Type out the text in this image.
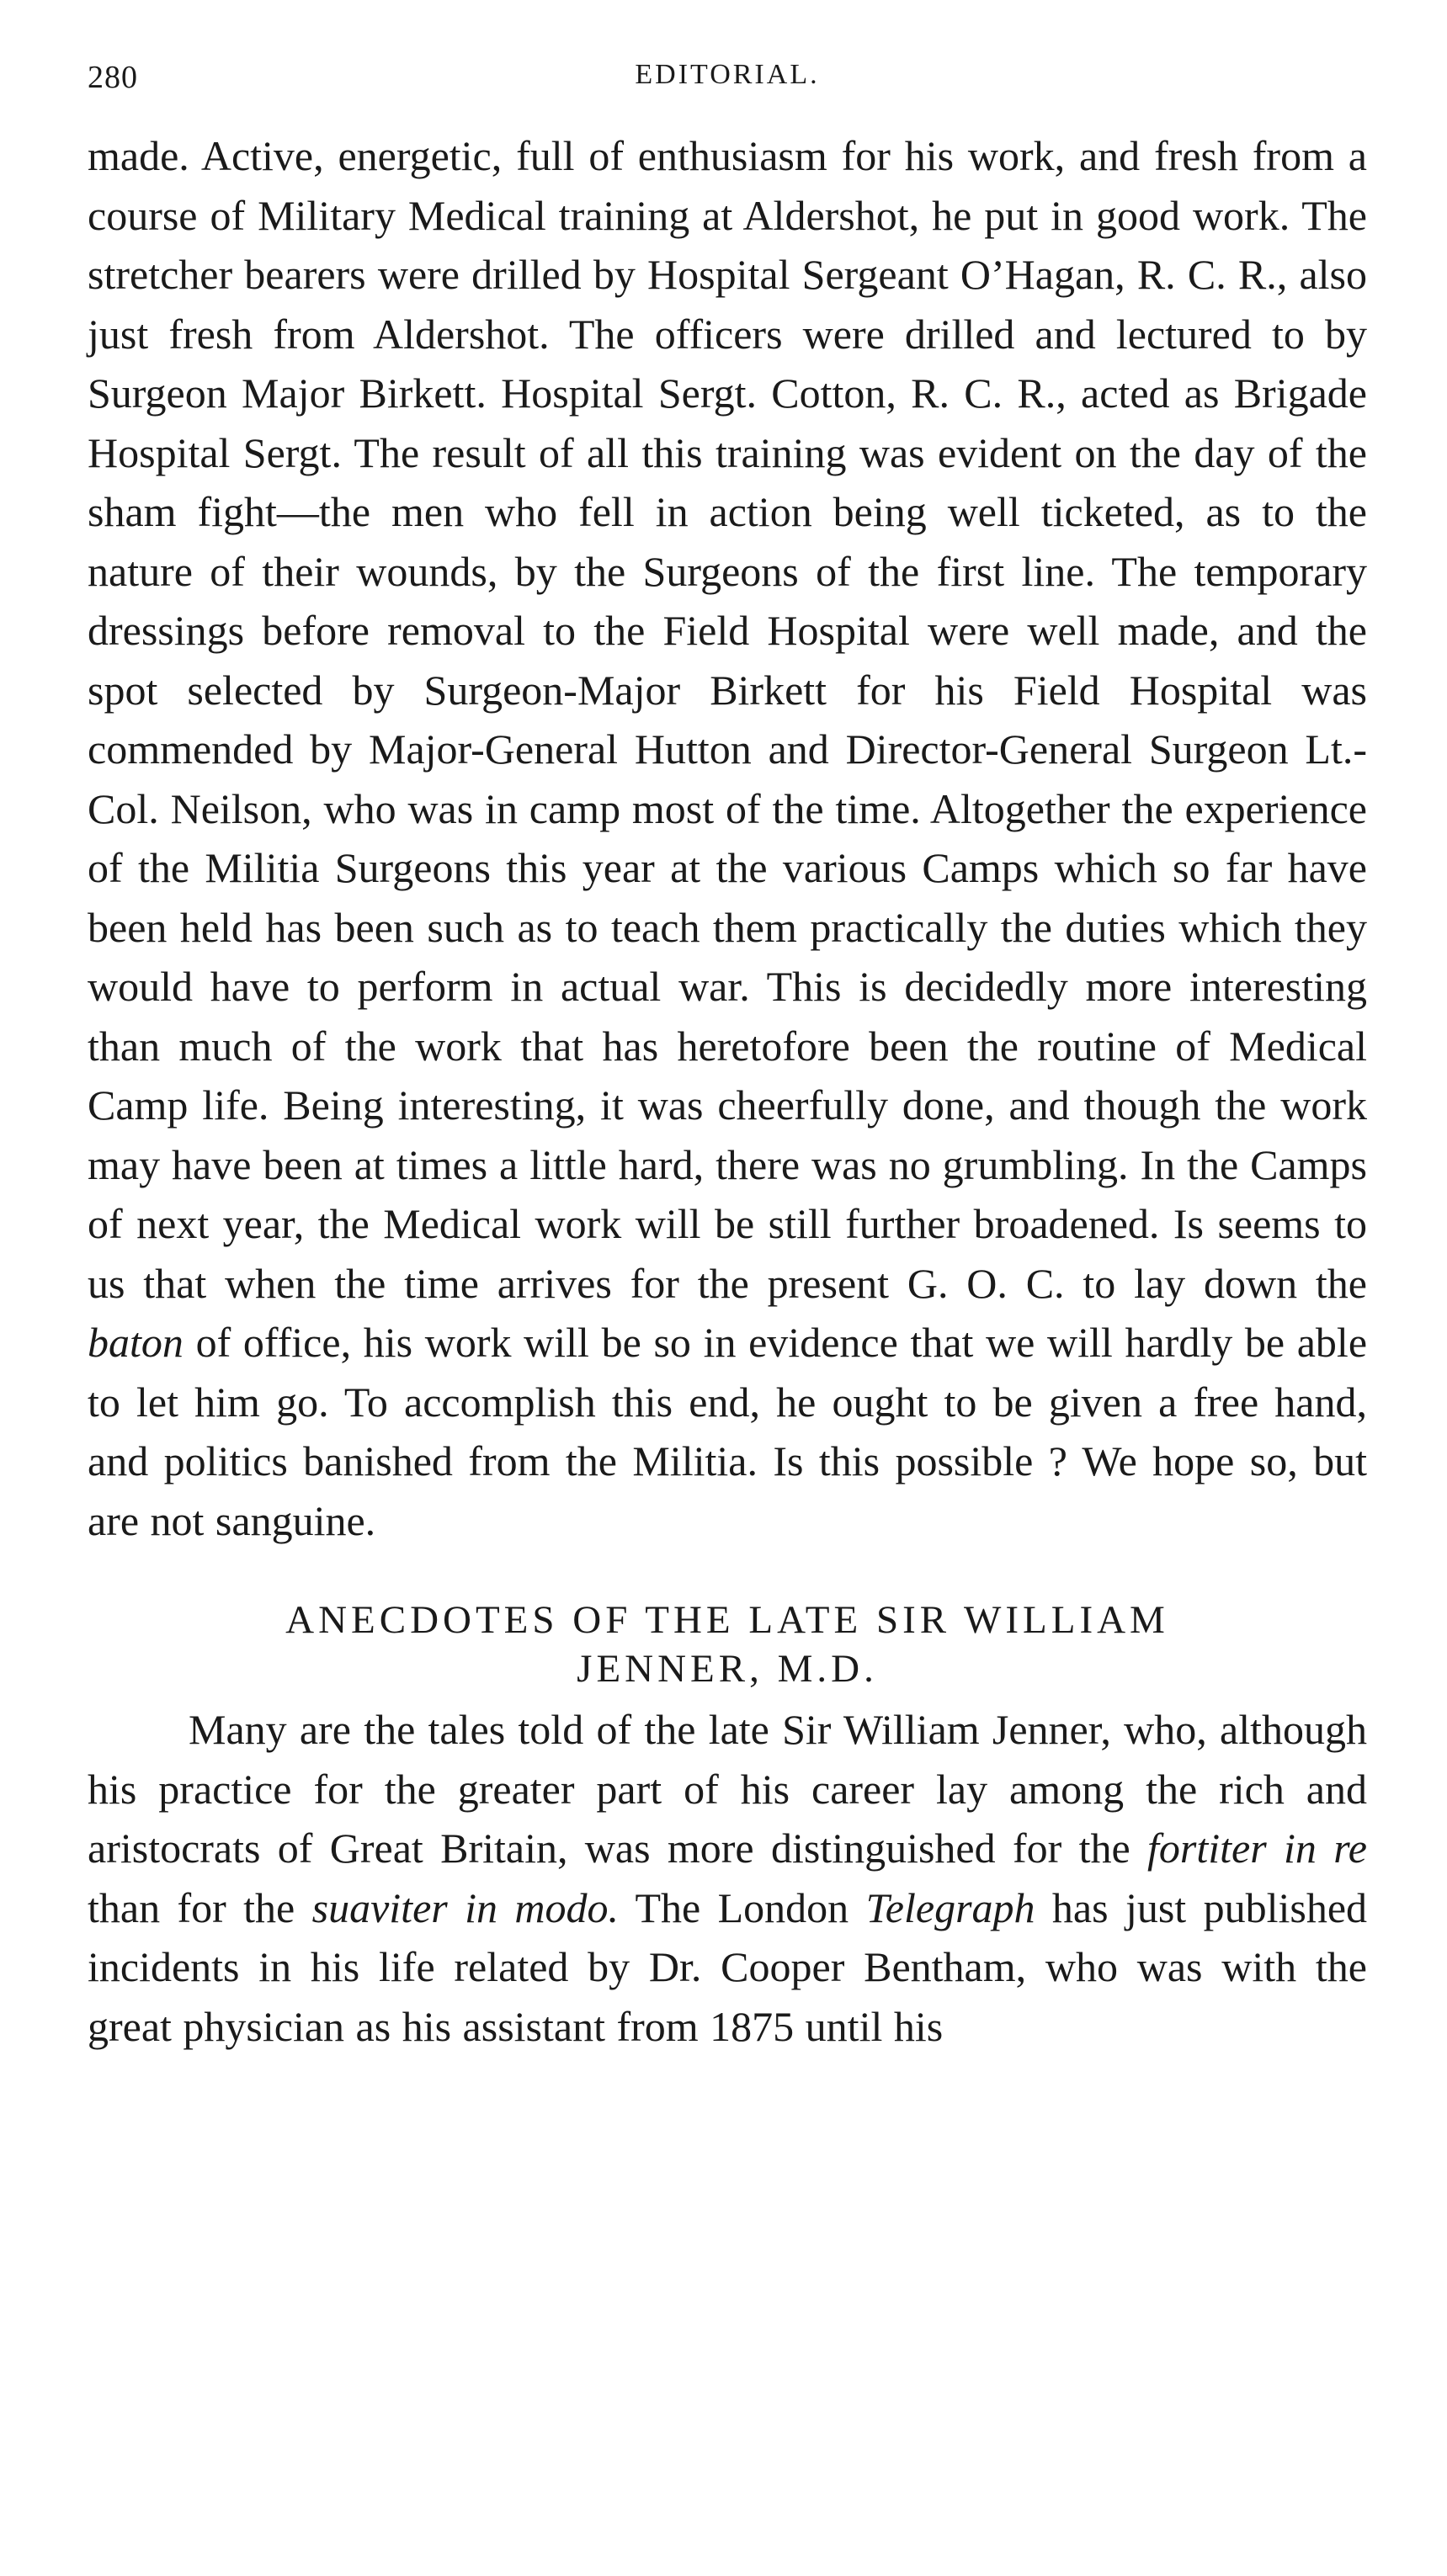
280	EDITORIAL.

made. Active, energetic, full of enthusiasm for his work, and fresh from a course of Military Medical training at Aldershot, he put in good work. The stretcher bearers were drilled by Hospital Sergeant O’Hagan, R. C. R., also just fresh from Aldershot. The officers were drilled and lectured to by Surgeon Major Birkett. Hospital Sergt. Cotton, R. C. R., acted as Brigade Hospital Sergt. The result of all this training was evident on the day of the sham fight—the men who fell in action being well ticketed, as to the nature of their wounds, by the Surgeons of the first line. The temporary dressings before removal to the Field Hospital were well made, and the spot selected by Surgeon-Major Birkett for his Field Hospital was commended by Major-General Hutton and Director-General Surgeon Lt.-Col. Neilson, who was in camp most of the time. Altogether the experience of the Militia Surgeons this year at the various Camps which so far have been held has been such as to teach them practically the duties which they would have to perform in actual war. This is decidedly more interesting than much of the work that has heretofore been the routine of Medical Camp life. Being interesting, it was cheerfully done, and though the work may have been at times a little hard, there was no grumbling. In the Camps of next year, the Medical work will be still further broadened. Is seems to us that when the time arrives for the present G. O. C. to lay down the baton of office, his work will be so in evidence that we will hardly be able to let him go. To accomplish this end, he ought to be given a free hand, and politics banished from the Militia. Is this possible ? We hope so, but are not sanguine.

ANECDOTES OF THE LATE SIR WILLIAM
JENNER, M.D.

Many are the tales told of the late Sir William Jenner, who, although his practice for the greater part of his career lay among the rich and aristocrats of Great Britain, was more distinguished for the fortiter in re than for the suaviter in modo. The London Telegraph has just published incidents in his life related by Dr. Cooper Bentham, who was with the great physician as his assistant from 1875 until his
